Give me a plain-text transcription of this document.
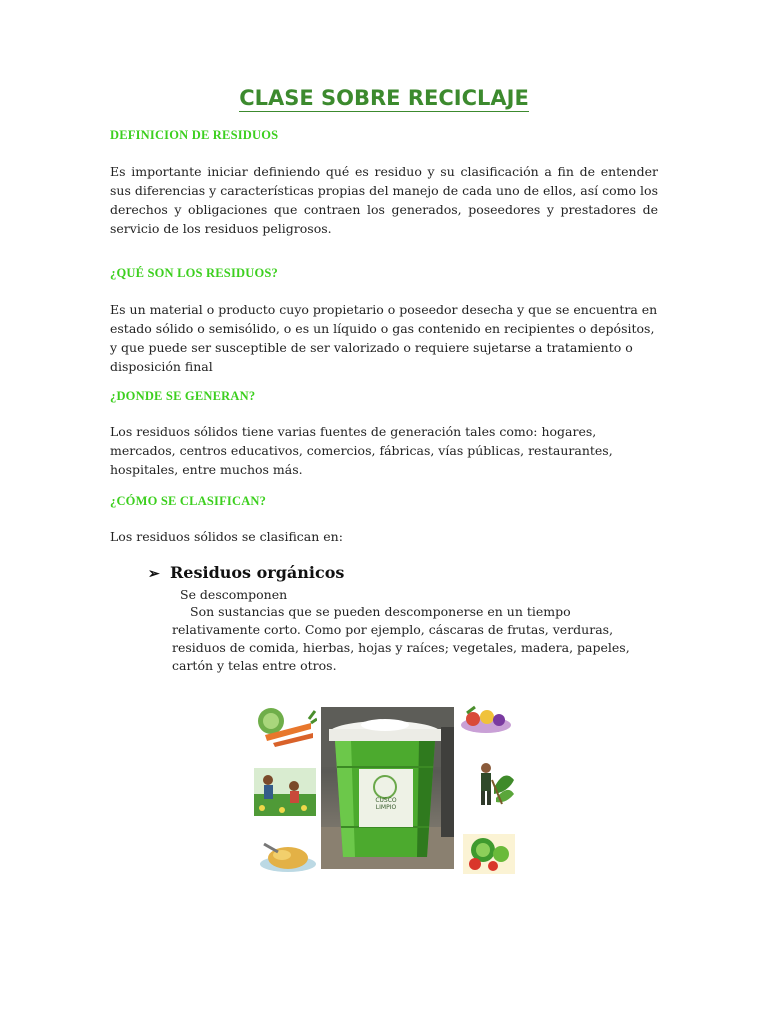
CLASE SOBRE RECICLAJE
DEFINICION DE RESIDUOS
Es importante iniciar definiendo qué es residuo y su clasificación a fin de entender sus diferencias y características propias del manejo de cada uno de ellos, así como los derechos y obligaciones que contraen los generados, poseedores y prestadores de servicio de los residuos peligrosos.
¿QUÉ SON LOS RESIDUOS?
Es un material o producto cuyo propietario o poseedor desecha y que se encuentra en estado sólido o semisólido, o es un líquido o gas contenido en recipientes o depósitos, y que puede ser susceptible de ser valorizado o requiere sujetarse a tratamiento o disposición final
¿DONDE SE GENERAN?
Los residuos sólidos tiene varias fuentes de generación tales como: hogares, mercados, centros educativos, comercios, fábricas, vías públicas, restaurantes, hospitales, entre muchos más.
¿CÓMO SE CLASIFICAN?
Los residuos sólidos se clasifican en:
➢ Residuos orgánicos
Se descomponen
Son sustancias que se pueden descomponerse en un tiempo relativamente corto. Como por ejemplo, cáscaras de frutas, verduras, residuos de comida, hierbas, hojas y raíces; vegetales, madera, papeles, cartón y telas entre otros.
CUSCO
LIMPIO
